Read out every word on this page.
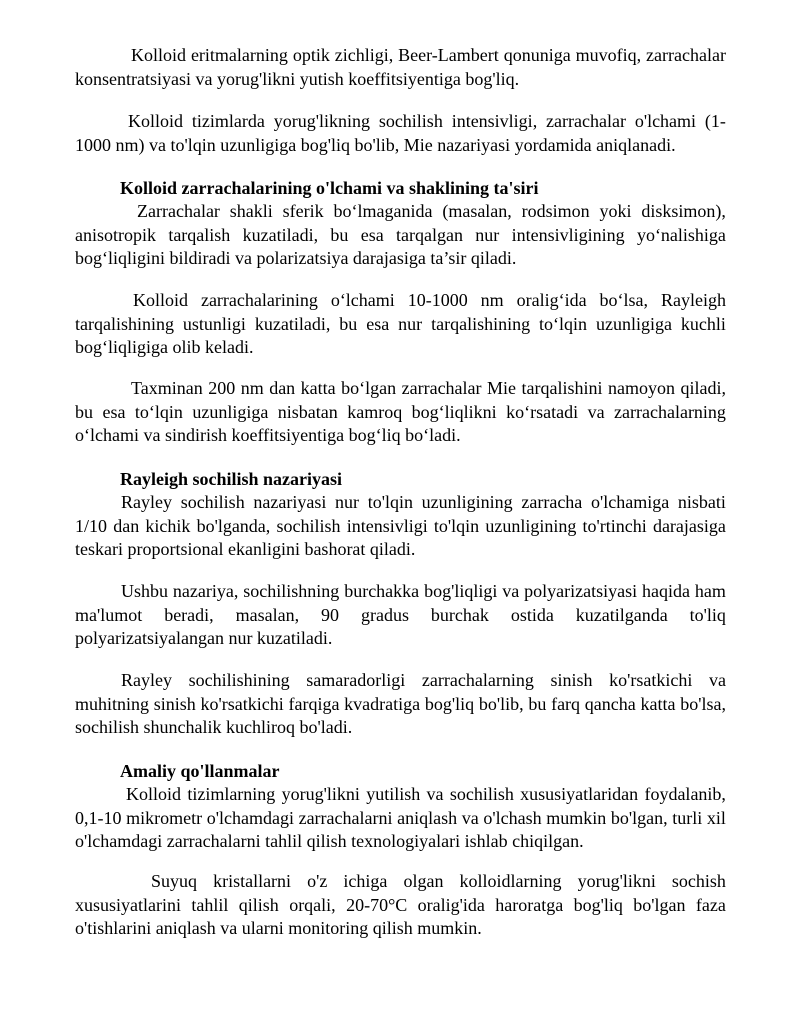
Kolloid eritmalarning optik zichligi, Beer-Lambert qonuniga muvofiq, zarrachalar
konsentratsiyasi va yorug'likni yutish koeffitsiyentiga bog'liq.
Kolloid tizimlarda yorug'likning sochilish intensivligi, zarrachalar o'lchami (1-
1000 nm) va to'lqin uzunligiga bog'liq bo'lib, Mie nazariyasi yordamida aniqlanadi.
Kolloid zarrachalarining o'lchami va shaklining ta'siri
Zarrachalar shakli sferik bo‘lmaganida (masalan, rodsimon yoki disksimon),
anisotropik tarqalish kuzatiladi, bu esa tarqalgan nur intensivligining yo‘nalishiga
bog‘liqligini bildiradi va polarizatsiya darajasiga ta’sir qiladi.
Kolloid zarrachalarining o‘lchami 10-1000 nm oralig‘ida bo‘lsa, Rayleigh
tarqalishining ustunligi kuzatiladi, bu esa nur tarqalishining to‘lqin uzunligiga kuchli
bog‘liqligiga olib keladi.
Taxminan 200 nm dan katta bo‘lgan zarrachalar Mie tarqalishini namoyon qiladi,
bu esa to‘lqin uzunligiga nisbatan kamroq bog‘liqlikni ko‘rsatadi va zarrachalarning
o‘lchami va sindirish koeffitsiyentiga bog‘liq bo‘ladi.
Rayleigh sochilish nazariyasi
Rayley sochilish nazariyasi nur to'lqin uzunligining zarracha o'lchamiga nisbati
1/10 dan kichik bo'lganda, sochilish intensivligi to'lqin uzunligining to'rtinchi darajasiga
teskari proportsional ekanligini bashorat qiladi.
Ushbu nazariya, sochilishning burchakka bog'liqligi va polyarizatsiyasi haqida ham
ma'lumot beradi, masalan, 90 gradus burchak ostida kuzatilganda to'liq
polyarizatsiyalangan nur kuzatiladi.
Rayley sochilishining samaradorligi zarrachalarning sinish ko'rsatkichi va
muhitning sinish ko'rsatkichi farqiga kvadratiga bog'liq bo'lib, bu farq qancha katta bo'lsa,
sochilish shunchalik kuchliroq bo'ladi.
Amaliy qo'llanmalar
Kolloid tizimlarning yorug'likni yutilish va sochilish xususiyatlaridan foydalanib,
0,1-10 mikrometr o'lchamdagi zarrachalarni aniqlash va o'lchash mumkin bo'lgan, turli xil
o'lchamdagi zarrachalarni tahlil qilish texnologiyalari ishlab chiqilgan.
Suyuq kristallarni o'z ichiga olgan kolloidlarning yorug'likni sochish
xususiyatlarini tahlil qilish orqali, 20-70°C oralig'ida haroratga bog'liq bo'lgan faza
o'tishlarini aniqlash va ularni monitoring qilish mumkin.
